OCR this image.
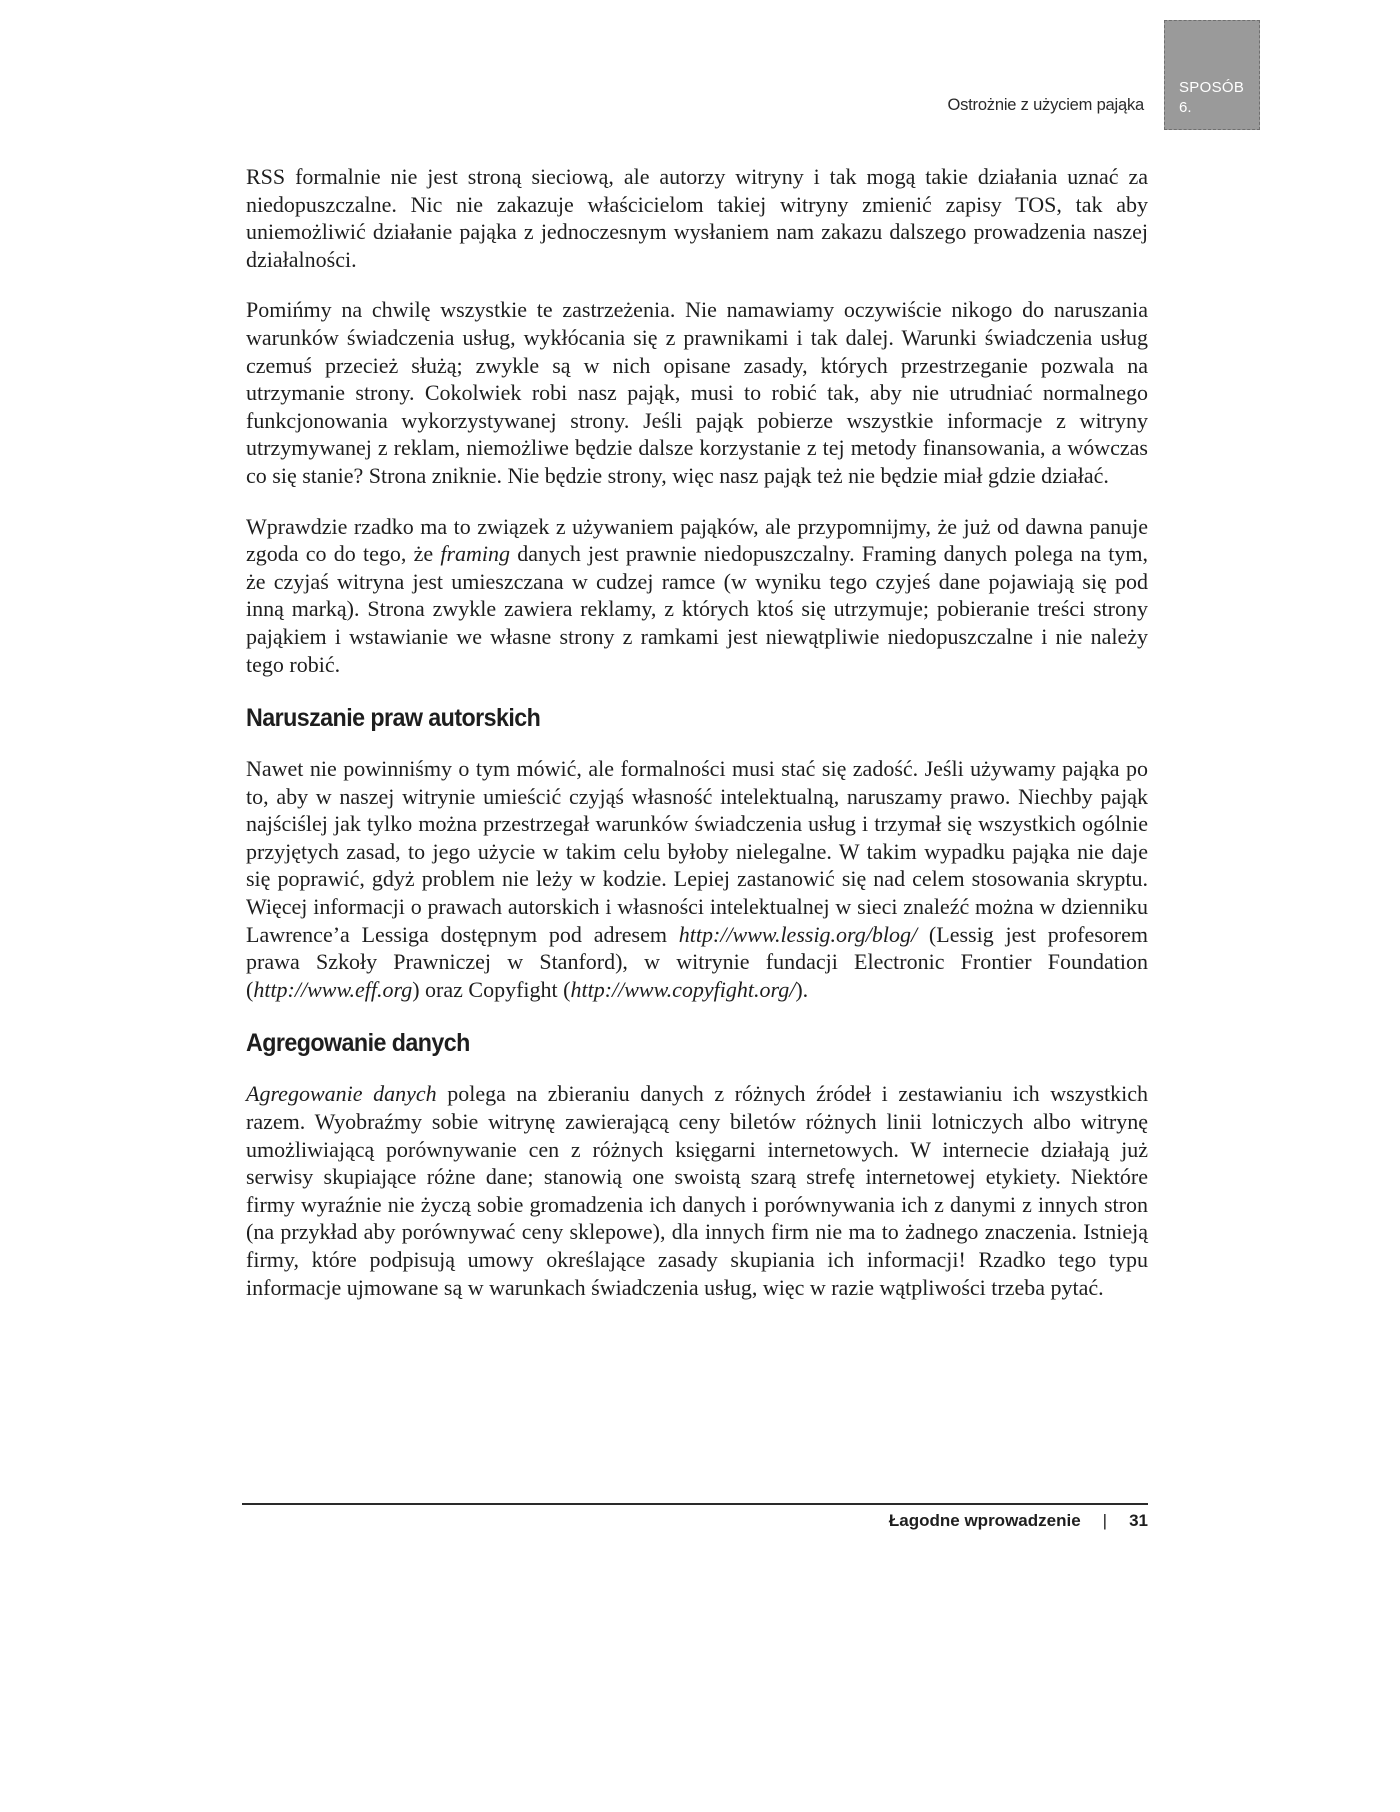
Ostrożnie z użyciem pająka
SPOSÓB
6.

RSS formalnie nie jest stroną sieciową, ale autorzy witryny i tak mogą takie działania uznać za niedopuszczalne. Nic nie zakazuje właścicielom takiej witryny zmienić zapisy TOS, tak aby uniemożliwić działanie pająka z jednoczesnym wysłaniem nam zakazu dalszego prowadzenia naszej działalności.

Pomińmy na chwilę wszystkie te zastrzeżenia. Nie namawiamy oczywiście nikogo do naruszania warunków świadczenia usług, wykłócania się z prawnikami i tak dalej. Warunki świadczenia usług czemuś przecież służą; zwykle są w nich opisane zasady, których przestrzeganie pozwala na utrzymanie strony. Cokolwiek robi nasz pająk, musi to robić tak, aby nie utrudniać normalnego funkcjonowania wykorzystywanej strony. Jeśli pająk pobierze wszystkie informacje z witryny utrzymywanej z reklam, niemożliwe będzie dalsze korzystanie z tej metody finansowania, a wówczas co się stanie? Strona zniknie. Nie będzie strony, więc nasz pająk też nie będzie miał gdzie działać.

Wprawdzie rzadko ma to związek z używaniem pająków, ale przypomnijmy, że już od dawna panuje zgoda co do tego, że framing danych jest prawnie niedopuszczalny. Framing danych polega na tym, że czyjaś witryna jest umieszczana w cudzej ramce (w wyniku tego czyjeś dane pojawiają się pod inną marką). Strona zwykle zawiera reklamy, z których ktoś się utrzymuje; pobieranie treści strony pająkiem i wstawianie we własne strony z ramkami jest niewątpliwie niedopuszczalne i nie należy tego robić.

Naruszanie praw autorskich

Nawet nie powinniśmy o tym mówić, ale formalności musi stać się zadość. Jeśli używamy pająka po to, aby w naszej witrynie umieścić czyjąś własność intelektualną, naruszamy prawo. Niechby pająk najściślej jak tylko można przestrzegał warunków świadczenia usług i trzymał się wszystkich ogólnie przyjętych zasad, to jego użycie w takim celu byłoby nielegalne. W takim wypadku pająka nie daje się poprawić, gdyż problem nie leży w kodzie. Lepiej zastanowić się nad celem stosowania skryptu. Więcej informacji o prawach autorskich i własności intelektualnej w sieci znaleźć można w dzienniku Lawrence’a Lessiga dostępnym pod adresem http://www.lessig.org/blog/ (Lessig jest profesorem prawa Szkoły Prawniczej w Stanford), w witrynie fundacji Electronic Frontier Foundation (http://www.eff.org) oraz Copyfight (http://www.copyfight.org/).

Agregowanie danych

Agregowanie danych polega na zbieraniu danych z różnych źródeł i zestawianiu ich wszystkich razem. Wyobraźmy sobie witrynę zawierającą ceny biletów różnych linii lotniczych albo witrynę umożliwiającą porównywanie cen z różnych księgarni internetowych. W internecie działają już serwisy skupiające różne dane; stanowią one swoistą szarą strefę internetowej etykiety. Niektóre firmy wyraźnie nie życzą sobie gromadzenia ich danych i porównywania ich z danymi z innych stron (na przykład aby porównywać ceny sklepowe), dla innych firm nie ma to żadnego znaczenia. Istnieją firmy, które podpisują umowy określające zasady skupiania ich informacji! Rzadko tego typu informacje ujmowane są w warunkach świadczenia usług, więc w razie wątpliwości trzeba pytać.

Łagodne wprowadzenie | 31
